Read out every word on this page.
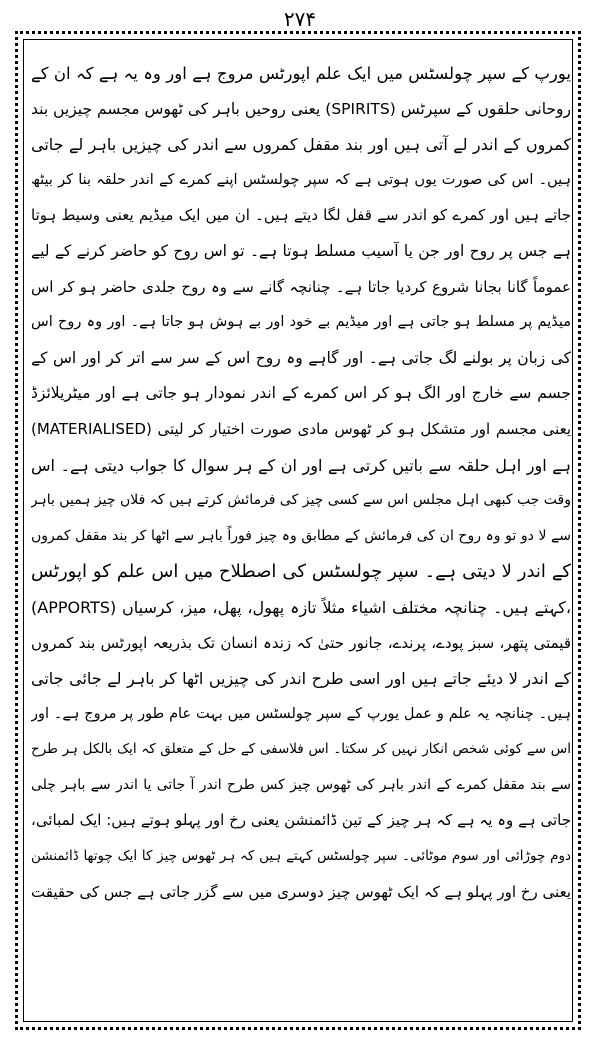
۲۷۴
یورپ کے سپر چولسٹس میں ایک علم اپورٹس مروج ہے اور وہ یہ ہے کہ ان کے
روحانی حلقوں کے سپرٹس (SPIRITS) یعنی روحیں باہر کی ٹھوس مجسم چیزیں بند
کمروں کے اندر لے آتی ہیں اور بند مقفل کمروں سے اندر کی چیزیں باہر لے جاتی
ہیں۔ اس کی صورت یوں ہوتی ہے کہ سپر چولسٹس اپنے کمرے کے اندر حلقہ بنا کر بیٹھ
جاتے ہیں اور کمرے کو اندر سے قفل لگا دیتے ہیں۔ ان میں ایک میڈیم یعنی وسیط ہوتا
ہے جس پر روح اور جن یا آسیب مسلط ہوتا ہے۔ تو اس روح کو حاضر کرنے کے لیے
عموماً گانا بجانا شروع کردیا جاتا ہے۔ چنانچہ گانے سے وہ روح جلدی حاضر ہو کر اس
میڈیم پر مسلط ہو جاتی ہے اور میڈیم بے خود اور بے ہوش ہو جاتا ہے۔ اور وہ روح اس
کی زبان پر بولنے لگ جاتی ہے۔ اور گاہے وہ روح اس کے سر سے اتر کر اور اس کے
جسم سے خارج اور الگ ہو کر اس کمرے کے اندر نمودار ہو جاتی ہے اور میٹریلائزڈ
(MATERIALISED) یعنی مجسم اور متشکل ہو کر ٹھوس مادی صورت اختیار کر لیتی
ہے اور اہل حلقہ سے باتیں کرتی ہے اور ان کے ہر سوال کا جواب دیتی ہے۔ اس
وقت جب کبھی اہل مجلس اس سے کسی چیز کی فرمائش کرتے ہیں کہ فلاں چیز ہمیں باہر
سے لا دو تو وہ روح ان کی فرمائش کے مطابق وہ چیز فوراً باہر سے اٹھا کر بند مقفل کمروں
کے اندر لا دیتی ہے۔ سپر چولسٹس کی اصطلاح میں اس علم کو اپورٹس
(APPORTS) کہتے ہیں۔ چنانچہ مختلف اشیاء مثلاً تازہ پھول، پھل، میز، کرسیاں،
قیمتی پتھر، سبز پودے، پرندے، جانور حتیٰ کہ زندہ انسان تک بذریعہ اپورٹس بند کمروں
کے اندر لا دیئے جاتے ہیں اور اسی طرح اندر کی چیزیں اٹھا کر باہر لے جائی جاتی
ہیں۔ چنانچہ یہ علم و عمل یورپ کے سپر چولسٹس میں بہت عام طور پر مروج ہے۔ اور
اس سے کوئی شخص انکار نہیں کر سکتا۔ اس فلاسفی کے حل کے متعلق کہ ایک بالکل ہر طرح
سے بند مقفل کمرے کے اندر باہر کی ٹھوس چیز کس طرح اندر آ جاتی یا اندر سے باہر چلی
جاتی ہے وہ یہ ہے کہ ہر چیز کے تین ڈائمنشن یعنی رخ اور پہلو ہوتے ہیں: ایک لمبائی،
دوم چوڑائی اور سوم موٹائی۔ سپر چولسٹس کہتے ہیں کہ ہر ٹھوس چیز کا ایک چوتھا ڈائمنشن
یعنی رخ اور پہلو ہے کہ ایک ٹھوس چیز دوسری میں سے گزر جاتی ہے جس کی حقیقت
